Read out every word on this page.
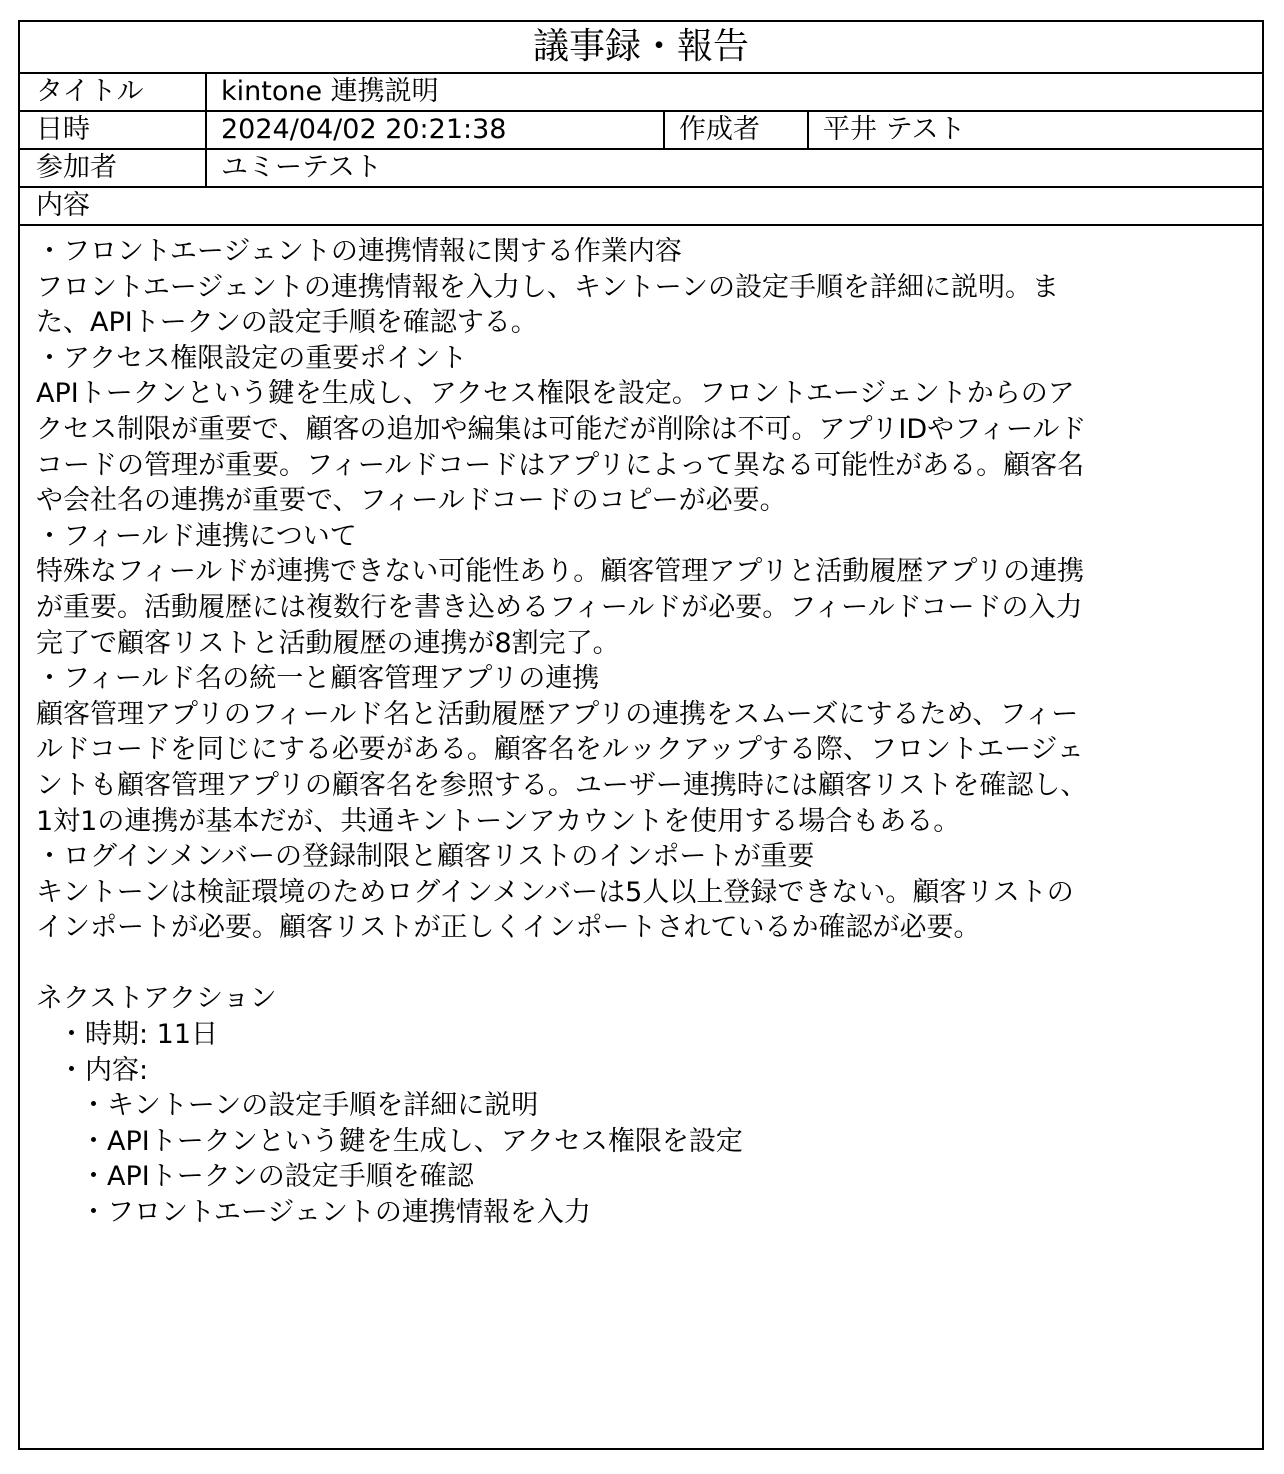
議事録・報告
タイトル	kintone 連携説明		
日時	2024/04/02 20:21:38	作成者	平井 テスト
参加者	ユミーテスト		
内容			
・フロントエージェントの連携情報に関する作業内容
フロントエージェントの連携情報を入力し、キントーンの設定手順を詳細に説明。ま
た、APIトークンの設定手順を確認する。
・アクセス権限設定の重要ポイント
APIトークンという鍵を生成し、アクセス権限を設定。フロントエージェントからのア
クセス制限が重要で、顧客の追加や編集は可能だが削除は不可。アプリIDやフィールド
コードの管理が重要。フィールドコードはアプリによって異なる可能性がある。顧客名
や会社名の連携が重要で、フィールドコードのコピーが必要。
・フィールド連携について
特殊なフィールドが連携できない可能性あり。顧客管理アプリと活動履歴アプリの連携
が重要。活動履歴には複数行を書き込めるフィールドが必要。フィールドコードの入力
完了で顧客リストと活動履歴の連携が8割完了。
・フィールド名の統一と顧客管理アプリの連携
顧客管理アプリのフィールド名と活動履歴アプリの連携をスムーズにするため、フィー
ルドコードを同じにする必要がある。顧客名をルックアップする際、フロントエージェ
ントも顧客管理アプリの顧客名を参照する。ユーザー連携時には顧客リストを確認し、
1対1の連携が基本だが、共通キントーンアカウントを使用する場合もある。
・ログインメンバーの登録制限と顧客リストのインポートが重要
キントーンは検証環境のためログインメンバーは5人以上登録できない。顧客リストの
インポートが必要。顧客リストが正しくインポートされているか確認が必要。
ネクストアクション
・時期: 11日
・内容:
・キントーンの設定手順を詳細に説明
・APIトークンという鍵を生成し、アクセス権限を設定
・APIトークンの設定手順を確認
・フロントエージェントの連携情報を入力
